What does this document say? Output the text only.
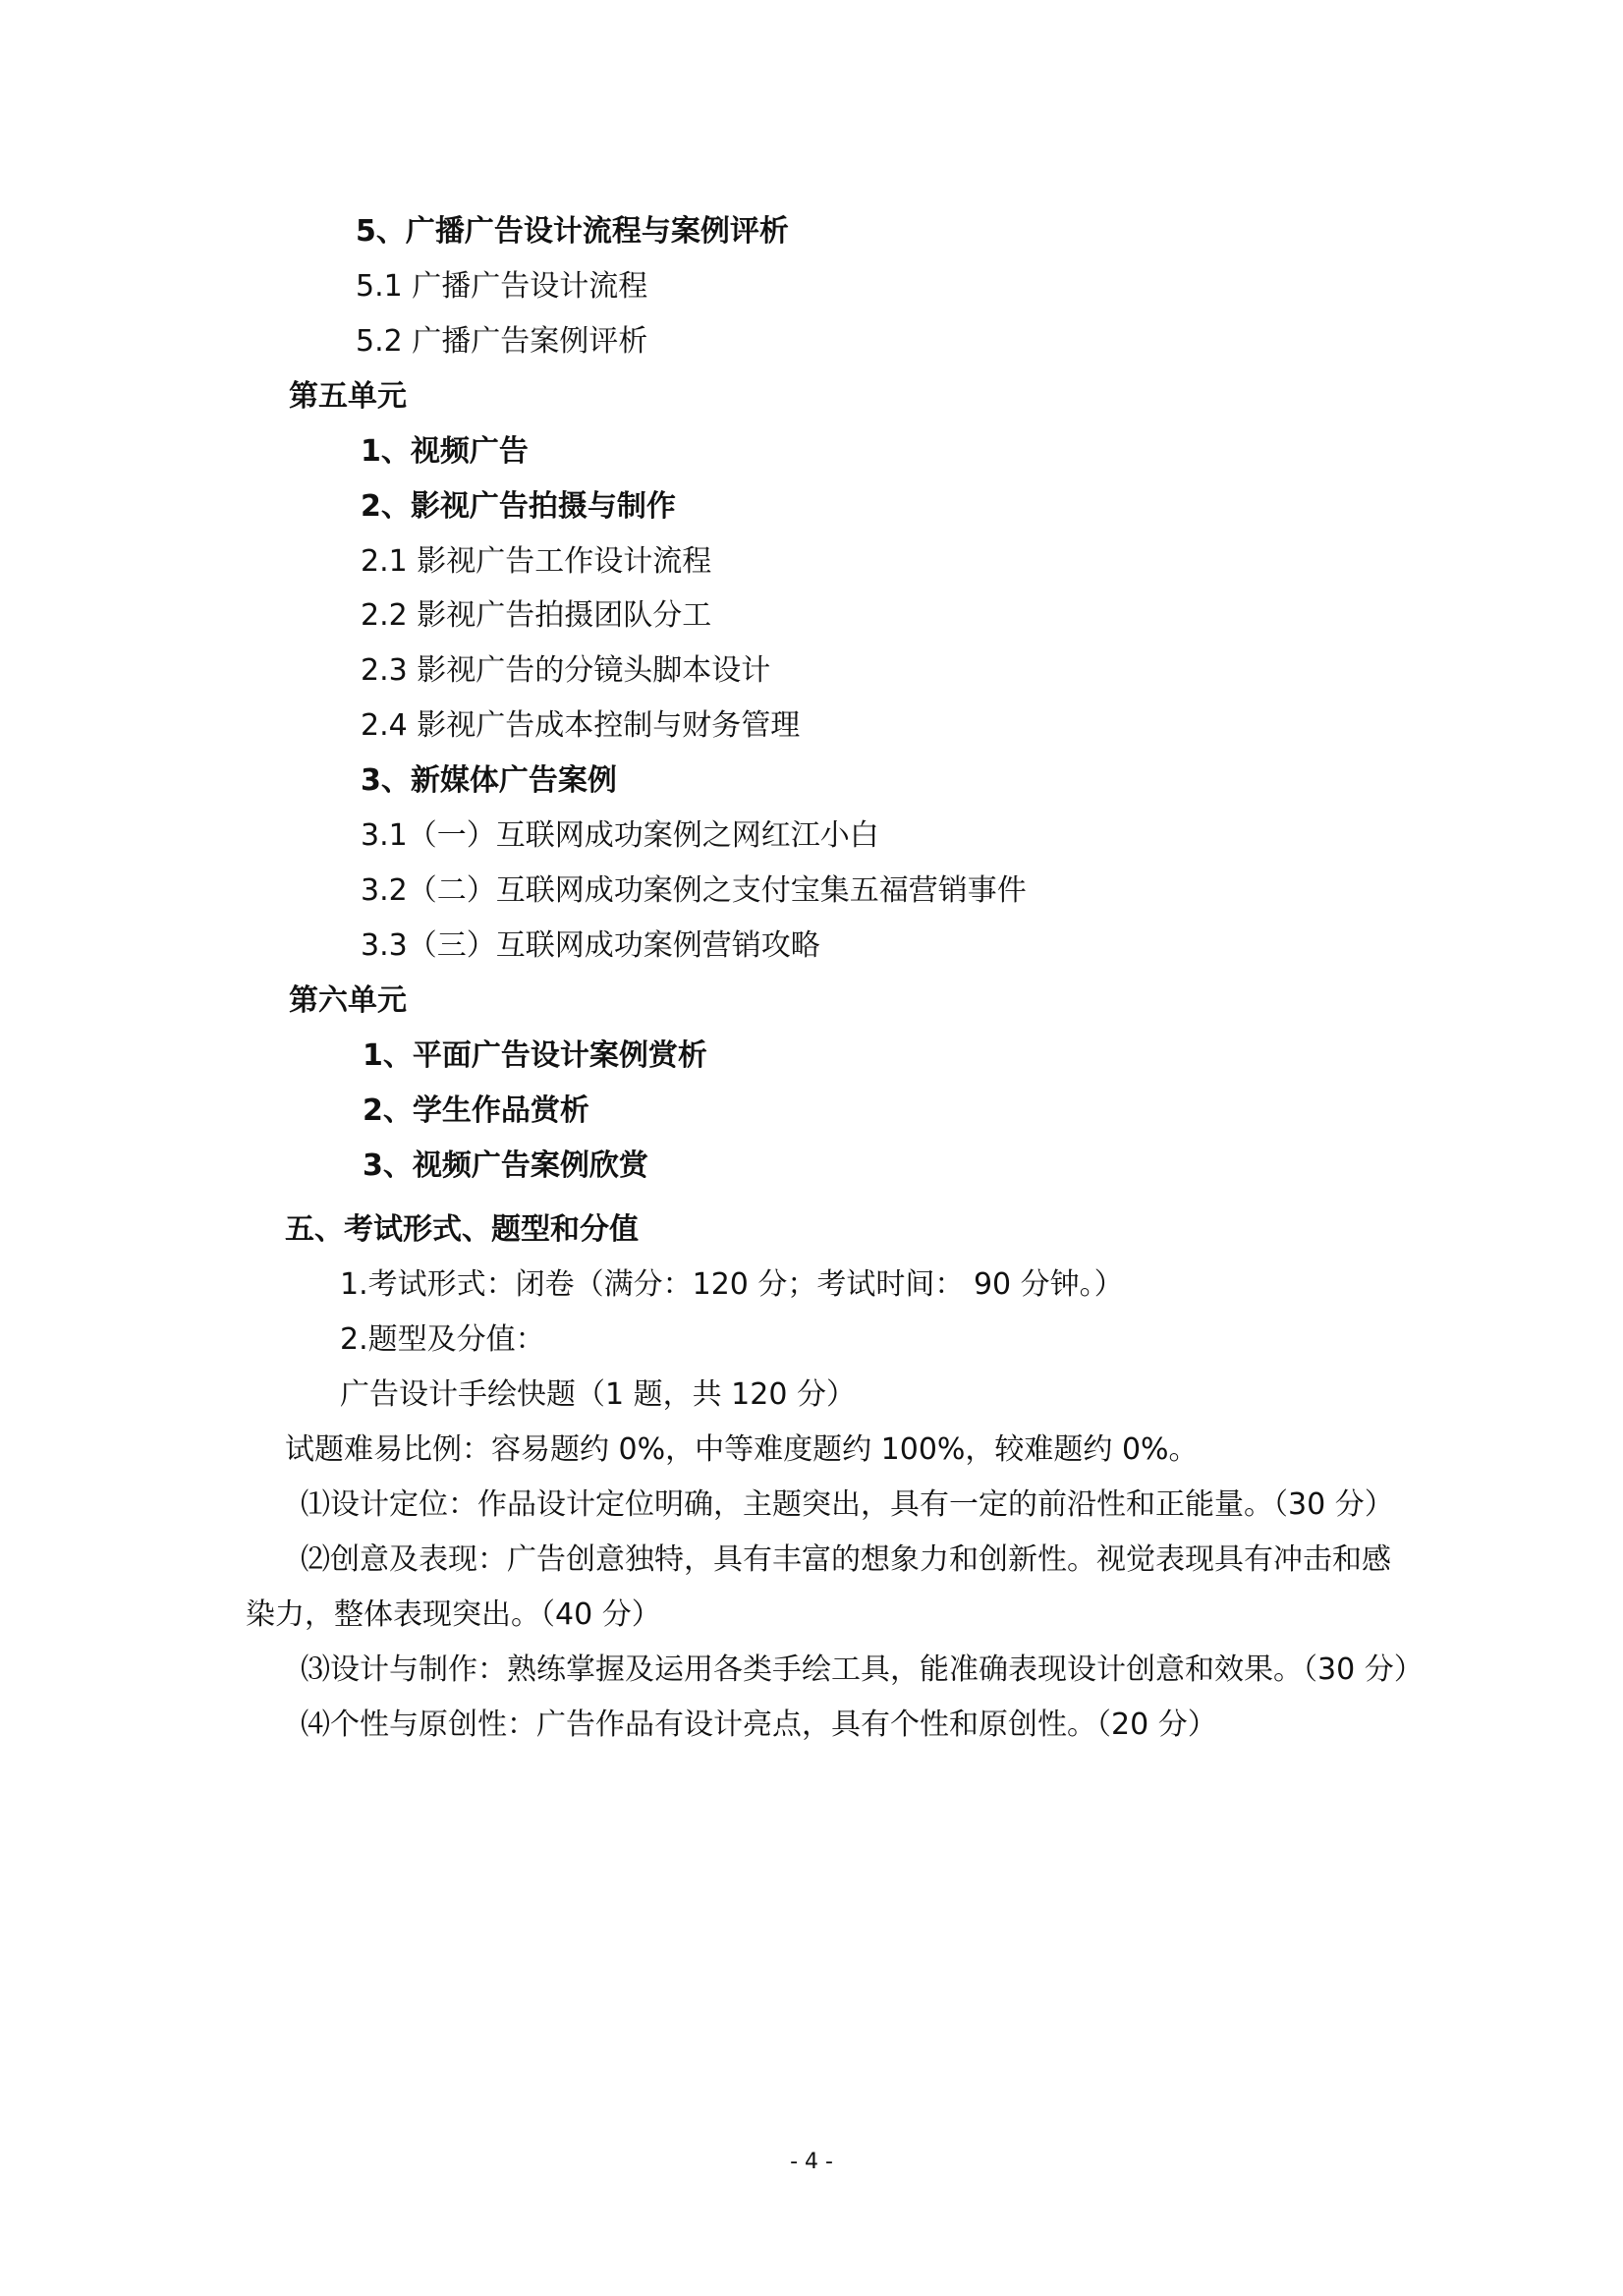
5、广播广告设计流程与案例评析
5.1 广播广告设计流程
5.2 广播广告案例评析
第五单元
1、视频广告
2、影视广告拍摄与制作
2.1 影视广告工作设计流程
2.2 影视广告拍摄团队分工
2.3 影视广告的分镜头脚本设计
2.4 影视广告成本控制与财务管理
3、新媒体广告案例
3.1（一）互联网成功案例之网红江小白
3.2（二）互联网成功案例之支付宝集五福营销事件
3.3（三）互联网成功案例营销攻略
第六单元
1、平面广告设计案例赏析
2、学生作品赏析
3、视频广告案例欣赏
五、考试形式、题型和分值
1.考试形式：闭卷（满分：120 分；考试时间： 90 分钟。）
2.题型及分值：
广告设计手绘快题（1 题，共 120 分）
试题难易比例：容易题约 0%，中等难度题约 100%，较难题约 0%。
⑴设计定位：作品设计定位明确，主题突出，具有一定的前沿性和正能量。（30 分）
⑵创意及表现：广告创意独特，具有丰富的想象力和创新性。视觉表现具有冲击和感
染力，整体表现突出。（40 分）
⑶设计与制作：熟练掌握及运用各类手绘工具，能准确表现设计创意和效果。（30 分）
⑷个性与原创性：广告作品有设计亮点，具有个性和原创性。（20 分）
- 4 -
